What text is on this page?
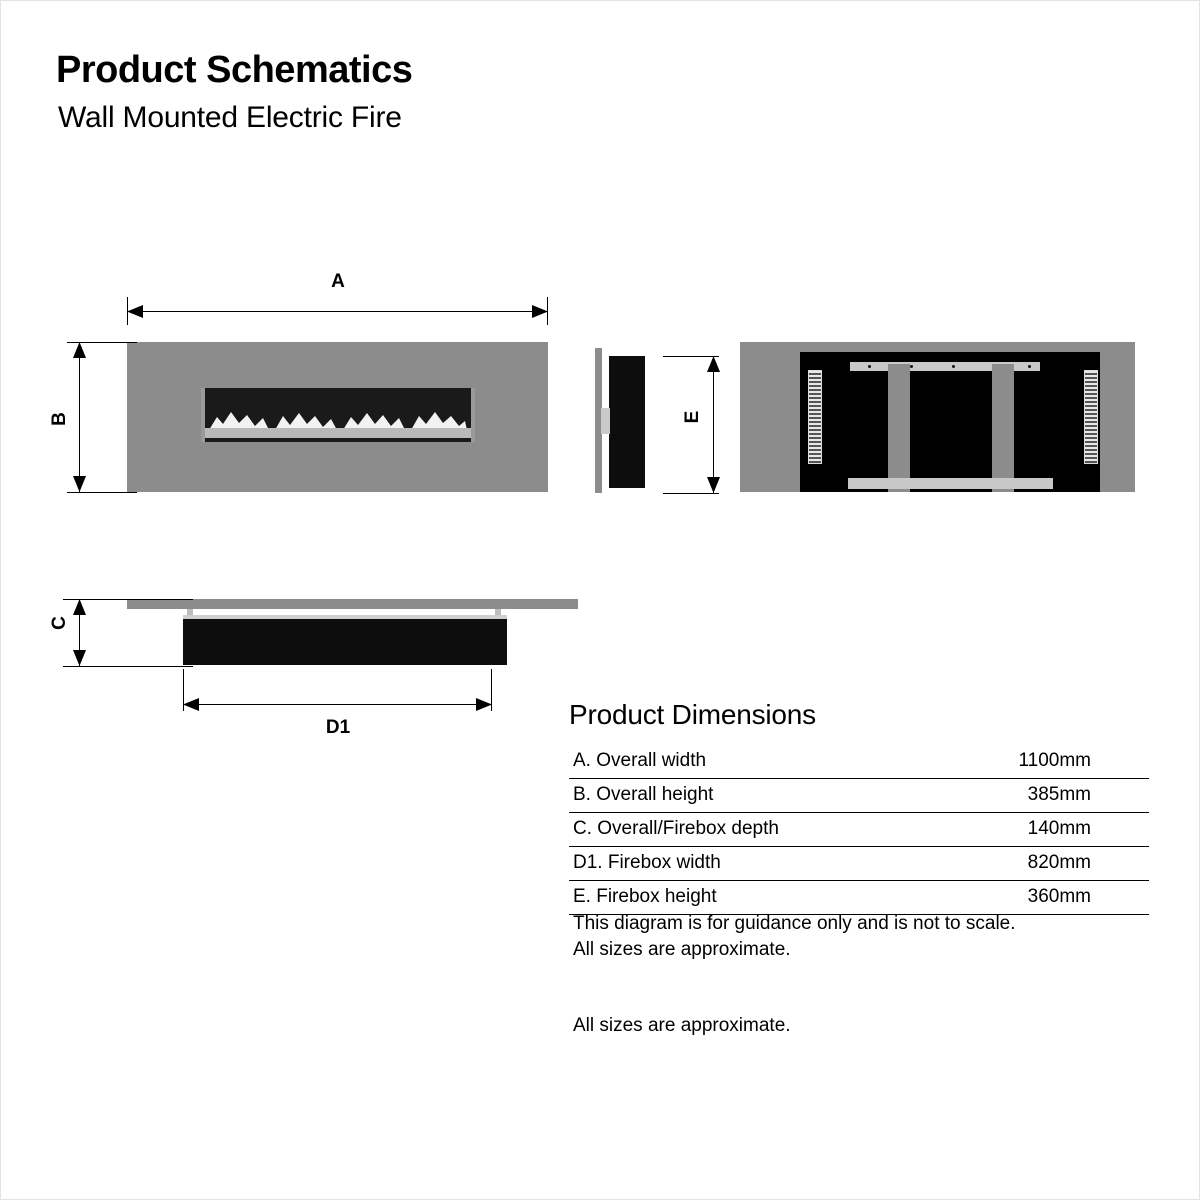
Product Schematics
Wall Mounted Electric Fire
A
B	E
C
D1	Product Dimensions
A. Overall width	1100mm
B. Overall height	385mm
C. Overall/Firebox depth	140mm
D1. Firebox width	820mm
E. Firebox height	360mm
This diagram is for guidance only and is not to scale.
All sizes are approximate.
All sizes are approximate.
